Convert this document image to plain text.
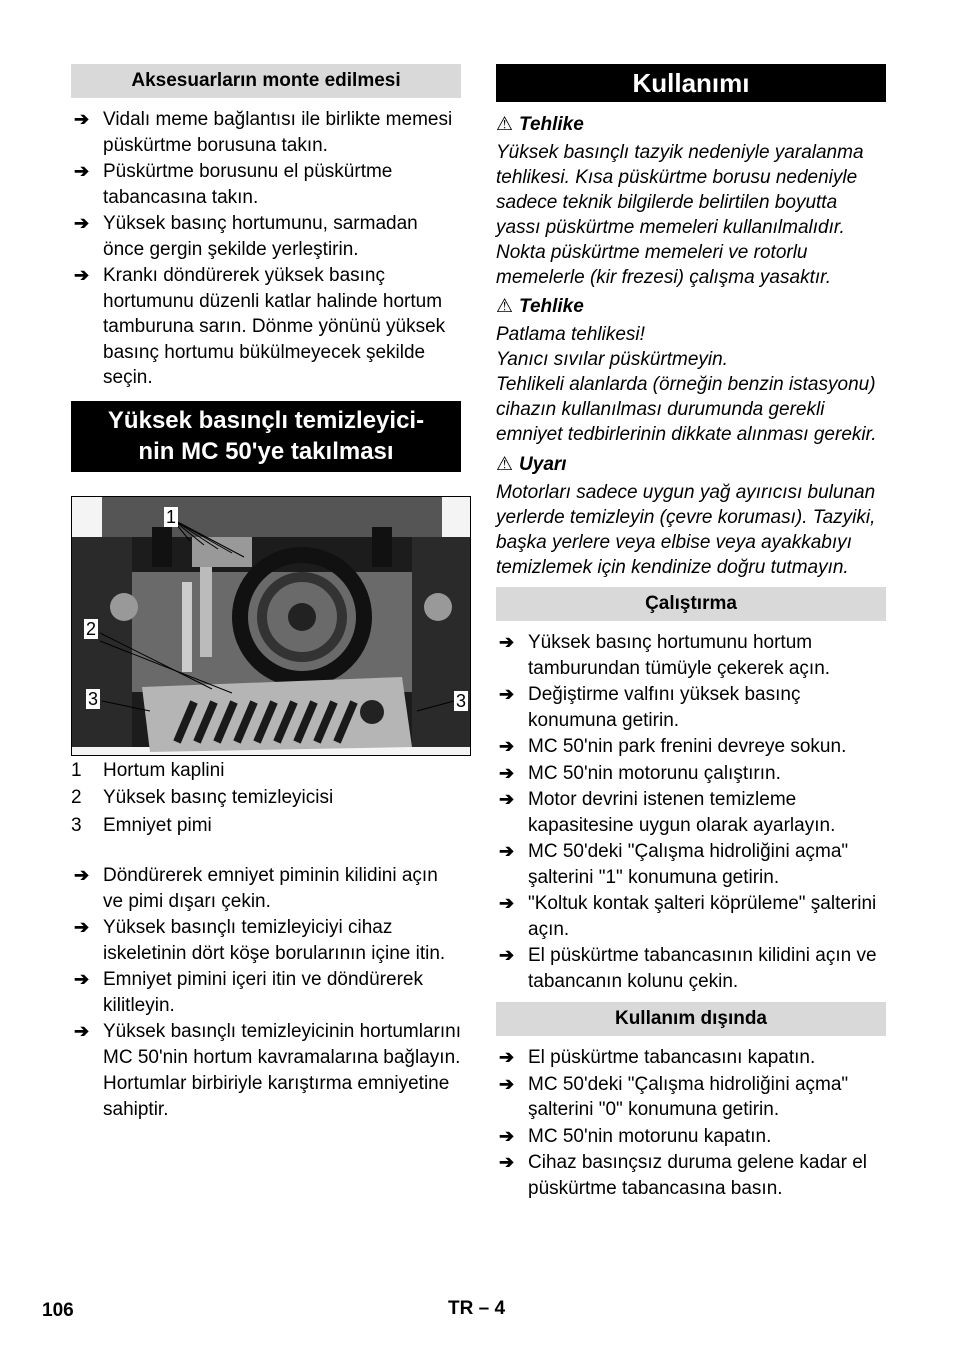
Aksesuarların monte edilmesi
➔ Vidalı meme bağlantısı ile birlikte memesi püskürtme borusuna takın.
➔ Püskürtme borusunu el püskürtme tabancasına takın.
➔ Yüksek basınç hortumunu, sarmadan önce gergin şekilde yerleştirin.
➔ Krankı döndürerek yüksek basınç hortumunu düzenli katlar halinde hortum tamburuna sarın. Dönme yönünü yüksek basınç hortumu bükülmeyecek şekilde seçin.
Yüksek basınçlı temizleyici-
nin MC 50'ye takılması
1
2
3	3
1 Hortum kaplini
2 Yüksek basınç temizleyicisi
3 Emniyet pimi
➔ Döndürerek emniyet piminin kilidini açın ve pimi dışarı çekin.
➔ Yüksek basınçlı temizleyiciyi cihaz iskeletinin dört köşe borularının içine itin.
➔ Emniyet pimini içeri itin ve döndürerek kilitleyin.
➔ Yüksek basınçlı temizleyicinin hortumlarını MC 50'nin hortum kavramalarına bağlayın.
Hortumlar birbiriyle karıştırma emniyetine sahiptir.
Kullanımı
⚠ Tehlike
Yüksek basınçlı tazyik nedeniyle yaralanma tehlikesi. Kısa püskürtme borusu nedeniyle sadece teknik bilgilerde belirtilen boyutta yassı püskürtme memeleri kullanılmalıdır. Nokta püskürtme memeleri ve rotorlu memelerle (kir frezesi) çalışma yasaktır.
⚠ Tehlike
Patlama tehlikesi!
Yanıcı sıvılar püskürtmeyin.
Tehlikeli alanlarda (örneğin benzin istasyonu) cihazın kullanılması durumunda gerekli emniyet tedbirlerinin dikkate alınması gerekir.
⚠ Uyarı
Motorları sadece uygun yağ ayırıcısı bulunan yerlerde temizleyin (çevre koruması). Tazyiki, başka yerlere veya elbise veya ayakkabıyı temizlemek için kendinize doğru tutmayın.
Çalıştırma
➔ Yüksek basınç hortumunu hortum tamburundan tümüyle çekerek açın.
➔ Değiştirme valfını yüksek basınç konumuna getirin.
➔ MC 50'nin park frenini devreye sokun.
➔ MC 50'nin motorunu çalıştırın.
➔ Motor devrini istenen temizleme kapasitesine uygun olarak ayarlayın.
➔ MC 50'deki "Çalışma hidroliğini açma" şalterini "1" konumuna getirin.
➔ "Koltuk kontak şalteri köprüleme" şalterini açın.
➔ El püskürtme tabancasının kilidini açın ve tabancanın kolunu çekin.
Kullanım dışında
➔ El püskürtme tabancasını kapatın.
➔ MC 50'deki "Çalışma hidroliğini açma" şalterini "0" konumuna getirin.
➔ MC 50'nin motorunu kapatın.
➔ Cihaz basınçsız duruma gelene kadar el püskürtme tabancasına basın.
106	TR – 4
